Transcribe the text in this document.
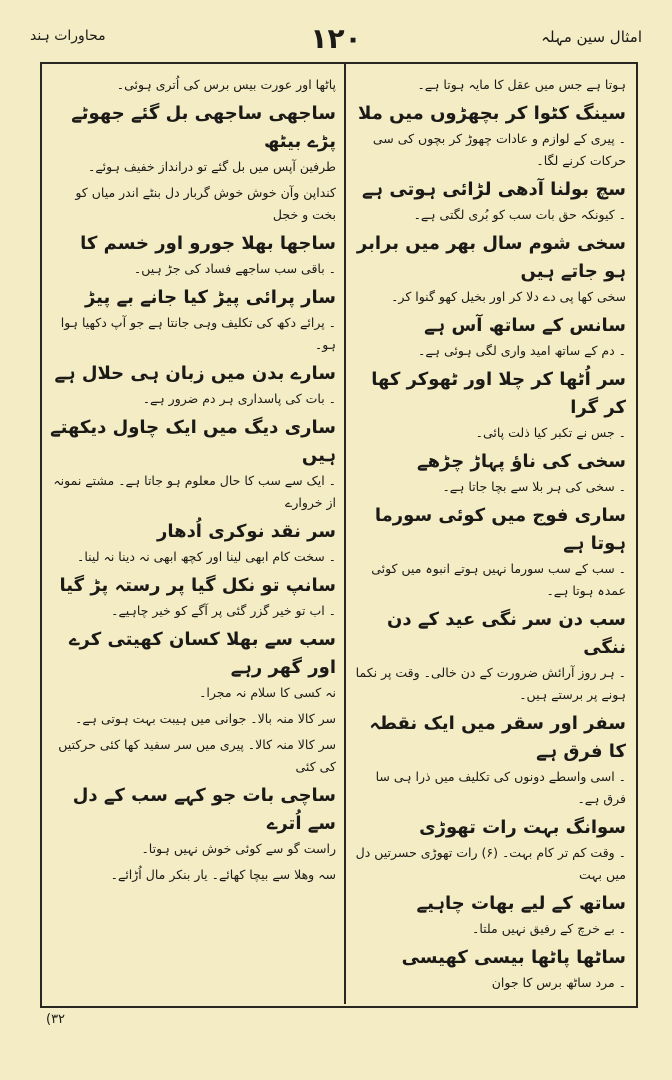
امثال سین مہلہ
۱۲۰
محاورات ہند
ہوتا ہے جس میں عقل کا مایہ ہوتا ہے۔
سینگ کٹوا کر بچھڑوں میں ملا
۔ پیری کے لوازم و عادات چھوڑ کر بچوں کی سی حرکات کرنے لگا۔
سچ بولنا آدھی لڑائی ہوتی ہے
۔ کیونکہ حق بات سب کو بُری لگتی ہے۔
سخی شوم سال بھر میں برابر ہو جاتے ہیں
سخی کھا پی دے دلا کر اور بخیل کھو گنوا کر۔
سانس کے ساتھ آس ہے
۔ دم کے ساتھ امید واری لگی ہوئی ہے۔
سر اُٹھا کر چلا اور ٹھوکر کھا کر گرا
۔ جس نے تکبر کیا ذلت پائی۔
سخی کی ناؤ پہاڑ چڑھے
۔ سخی کی ہر بلا سے بچا جاتا ہے۔
ساری فوج میں کوئی سورما ہوتا ہے
۔ سب کے سب سورما نہیں ہوتے انبوہ میں کوئی عمدہ ہوتا ہے۔
سب دن سر نگی عید کے دن ننگی
۔ ہر روز آرائش ضرورت کے دن خالی۔ وقت پر نکما ہونے پر برستے ہیں۔
سفر اور سقر میں ایک نقطہ کا فرق ہے
۔ اسی واسطے دونوں کی تکلیف میں ذرا ہی سا فرق ہے۔
سوانگ بہت رات تھوڑی
۔ وقت کم تر کام بہت۔ (۶) رات تھوڑی حسرتیں دل میں بہت
ساتھ کے لیے بھات چاہیے
۔ بے خرچ کے رفیق نہیں ملتا۔
ساٹھا پاٹھا بیسی کھیسی
۔ مرد ساٹھ برس کا جوان
پاٹھا اور عورت بیس برس کی اُتری ہوئی۔
ساجھی ساجھی بل گئے جھوٹے پڑے بیٹھ
طرفین آپس میں بل گئے تو درانداز خفیف ہوئے۔
کنداپن وآن خوش خوش گربار دل بنٹے اندر میاں کو بخت و خجل
ساجھا بھلا جورو اور خسم کا
۔ باقی سب ساجھے فساد کی جڑ ہیں۔
سار پرائی پیڑ کیا جانے بے پیڑ
۔ پرائے دکھ کی تکلیف وہی جانتا ہے جو آپ دکھیا ہوا ہو۔
سارے بدن میں زبان ہی حلال ہے
۔ بات کی پاسداری ہر دم ضرور ہے۔
ساری دیگ میں ایک چاول دیکھتے ہیں
۔ ایک سے سب کا حال معلوم ہو جاتا ہے۔ مشتے نمونہ از خروارے
سر نقد نوکری اُدھار
۔ سخت کام ابھی لینا اور کچھ ابھی نہ دینا نہ لینا۔
سانپ تو نکل گیا پر رستہ پڑ گیا
۔ اب تو خیر گزر گئی پر آگے کو خیر چاہیے۔
سب سے بھلا کسان کھیتی کرے اور گھر رہے
نہ کسی کا سلام نہ مجرا۔
سر کالا منہ بالا۔ جوانی میں ہیبت بہت ہوتی ہے۔
سر کالا منہ کالا۔ پیری میں سر سفید کھا کئی حرکتیں کی کئی
ساچی بات جو کہے سب کے دل سے اُترے
راست گو سے کوئی خوش نہیں ہوتا۔
سہ وھلا سے بیچا کھائے۔ یار بنکر مال اُڑائے۔
(۳۲
